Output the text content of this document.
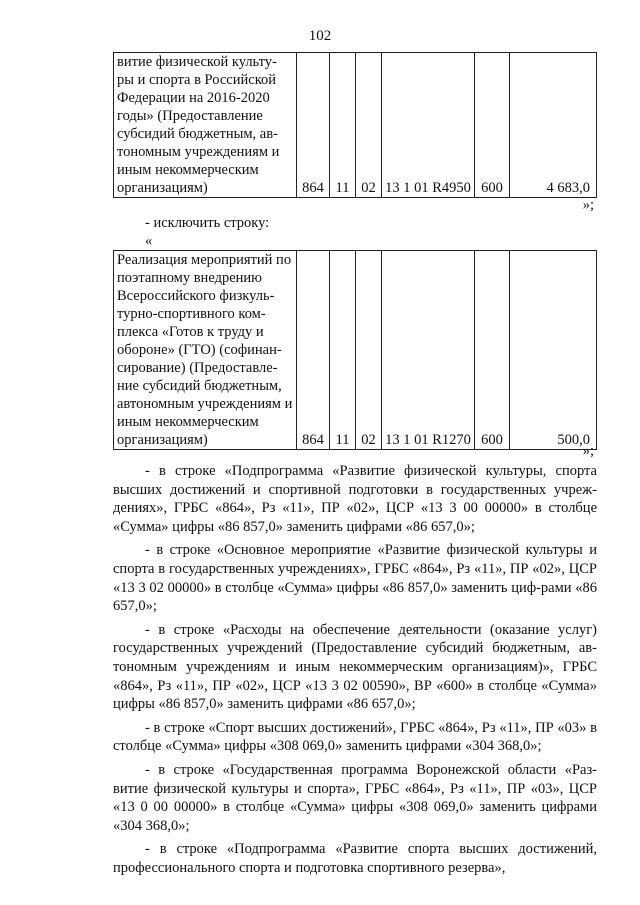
102
витие физической культу-ры и спорта в Российской Федерации на 2016-2020 годы» (Предоставление субсидий бюджетным, ав-тономным учреждениям и иным некоммерческим организациям)	864	11	02	13 1 01 R4950	600	4 683,0
»;
- исключить строку:
«
Реализация мероприятий по поэтапному внедрению Всероссийского физкуль-турно-спортивного ком-плекса «Готов к труду и обороне» (ГТО) (софинан-сирование) (Предоставле-ние субсидий бюджетным, автономным учреждениям и иным некоммерческим организациям)	864	11	02	13 1 01 R1270	600	500,0
»;

- в строке «Подпрограмма «Развитие физической культуры, спорта высших достижений и спортивной подготовки в государственных учреж-дениях», ГРБС «864», Рз «11», ПР «02», ЦСР «13 3 00 00000» в столбце «Сумма» цифры «86 857,0» заменить цифрами «86 657,0»;

- в строке «Основное мероприятие «Развитие физической культуры и спорта в государственных учреждениях», ГРБС «864», Рз «11», ПР «02», ЦСР «13 3 02 00000» в столбце «Сумма» цифры «86 857,0» заменить циф-рами «86 657,0»;

- в строке «Расходы на обеспечение деятельности (оказание услуг) государственных учреждений (Предоставление субсидий бюджетным, ав-тономным учреждениям и иным некоммерческим организациям)», ГРБС «864», Рз «11», ПР «02», ЦСР «13 3 02 00590», ВР «600» в столбце «Сумма» цифры «86 857,0» заменить цифрами «86 657,0»;

- в строке «Спорт высших достижений», ГРБС «864», Рз «11», ПР «03» в столбце «Сумма» цифры «308 069,0» заменить цифрами «304 368,0»;

- в строке «Государственная программа Воронежской области «Раз-витие физической культуры и спорта», ГРБС «864», Рз «11», ПР «03», ЦСР «13 0 00 00000» в столбце «Сумма» цифры «308 069,0» заменить цифрами «304 368,0»;

- в строке «Подпрограмма «Развитие спорта высших достижений, профессионального спорта и подготовка спортивного резерва»,
